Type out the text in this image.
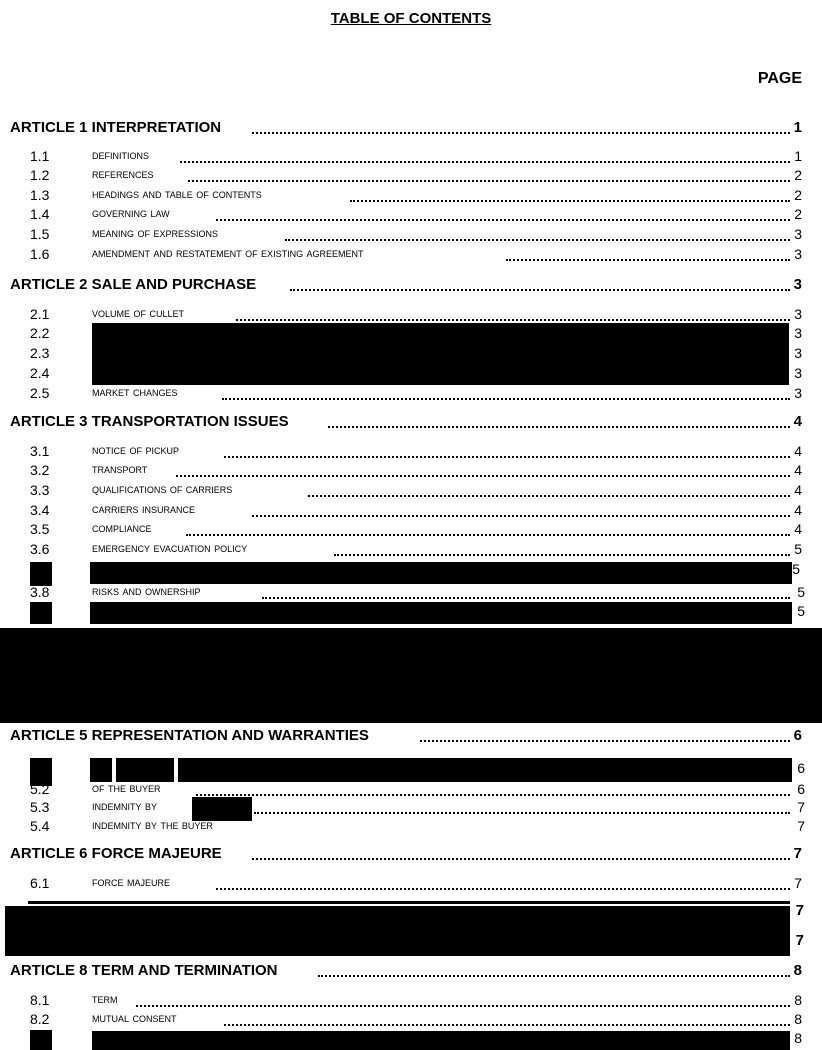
TABLE OF CONTENTS
PAGE
ARTICLE 1 INTERPRETATION	1
1.1	definitions	1
1.2	references	2
1.3	headings and table of contents	2
1.4	governing law	2
1.5	meaning of expressions	3
1.6	amendment and restatement of existing agreement	3
ARTICLE 2 SALE AND PURCHASE	3
2.1	volume of cullet	3
2.2	3
2.3	3
2.4	3
2.5	market changes	3
ARTICLE 3 TRANSPORTATION ISSUES	4
3.1	notice of pickup	4
3.2	transport	4
3.3	qualifications of carriers	4
3.4	carriers insurance	4
3.5	compliance	4
3.6	emergency evacuation policy	5
5
3.8	risks and ownership	5
5
ARTICLE 5 REPRESENTATION AND WARRANTIES	6
6
5.2	of the buyer	6
5.3	indemnity by	7
5.4	indemnity by the buyer	7
ARTICLE 6 FORCE MAJEURE	7
6.1	force majeure	7
7
7
ARTICLE 8 TERM AND TERMINATION	8
8.1	term	8
8.2	mutual consent	8
8
